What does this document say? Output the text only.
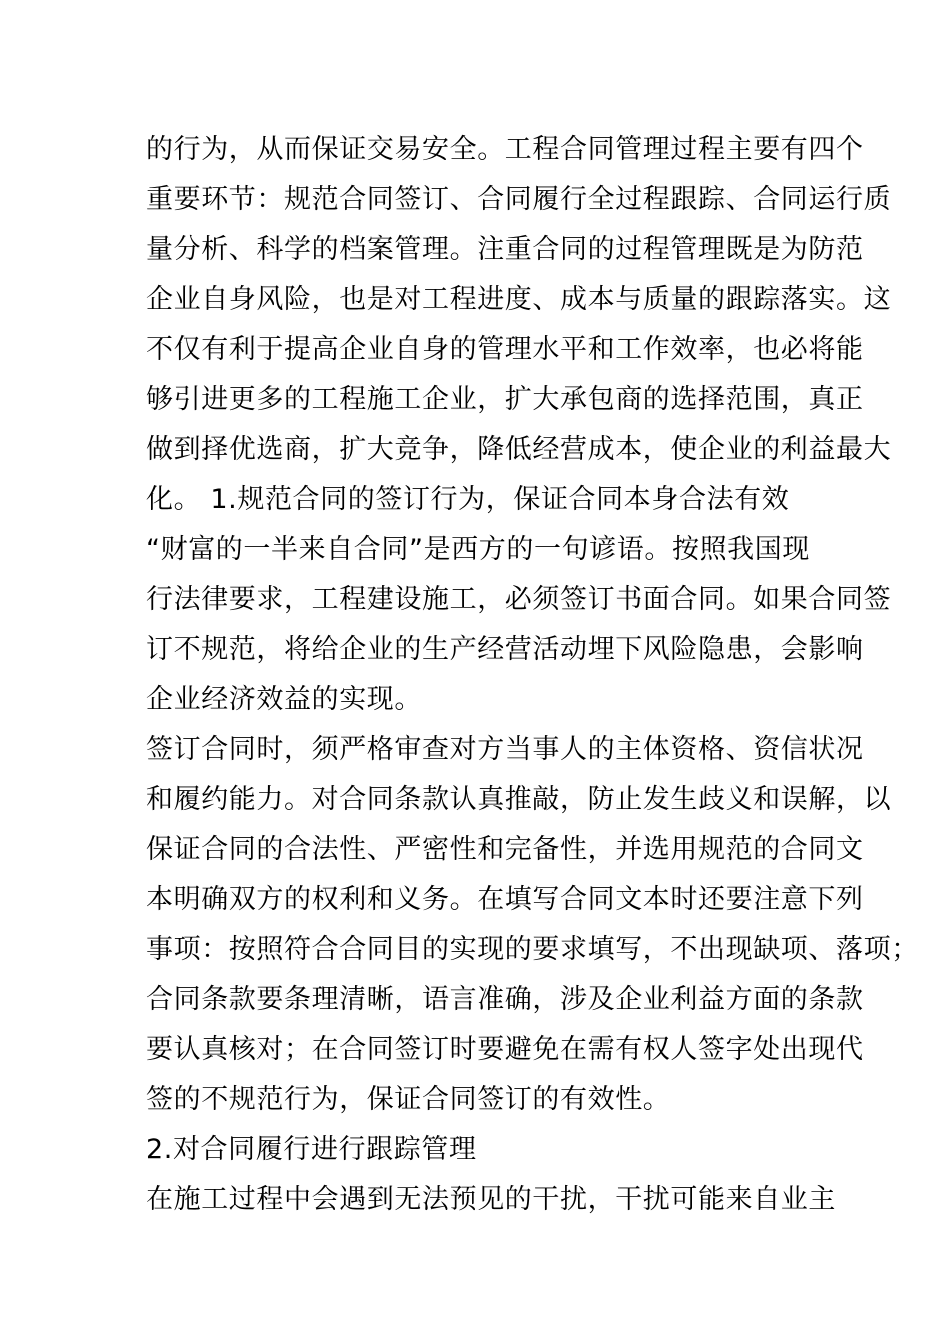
的行为，从而保证交易安全。工程合同管理过程主要有四个
重要环节：规范合同签订、合同履行全过程跟踪、合同运行质
量分析、科学的档案管理。注重合同的过程管理既是为防范
企业自身风险，也是对工程进度、成本与质量的跟踪落实。这
不仅有利于提高企业自身的管理水平和工作效率，也必将能
够引进更多的工程施工企业，扩大承包商的选择范围，真正
做到择优选商，扩大竞争，降低经营成本，使企业的利益最大
化。 1.规范合同的签订行为，保证合同本身合法有效
“财富的一半来自合同”是西方的一句谚语。按照我国现
行法律要求，工程建设施工，必须签订书面合同。如果合同签
订不规范，将给企业的生产经营活动埋下风险隐患，会影响
企业经济效益的实现。
签订合同时，须严格审查对方当事人的主体资格、资信状况
和履约能力。对合同条款认真推敲，防止发生歧义和误解，以
保证合同的合法性、严密性和完备性，并选用规范的合同文
本明确双方的权利和义务。在填写合同文本时还要注意下列
事项：按照符合合同目的实现的要求填写，不出现缺项、落项；
合同条款要条理清晰，语言准确，涉及企业利益方面的条款
要认真核对；在合同签订时要避免在需有权人签字处出现代
签的不规范行为，保证合同签订的有效性。
2.对合同履行进行跟踪管理
在施工过程中会遇到无法预见的干扰，干扰可能来自业主
